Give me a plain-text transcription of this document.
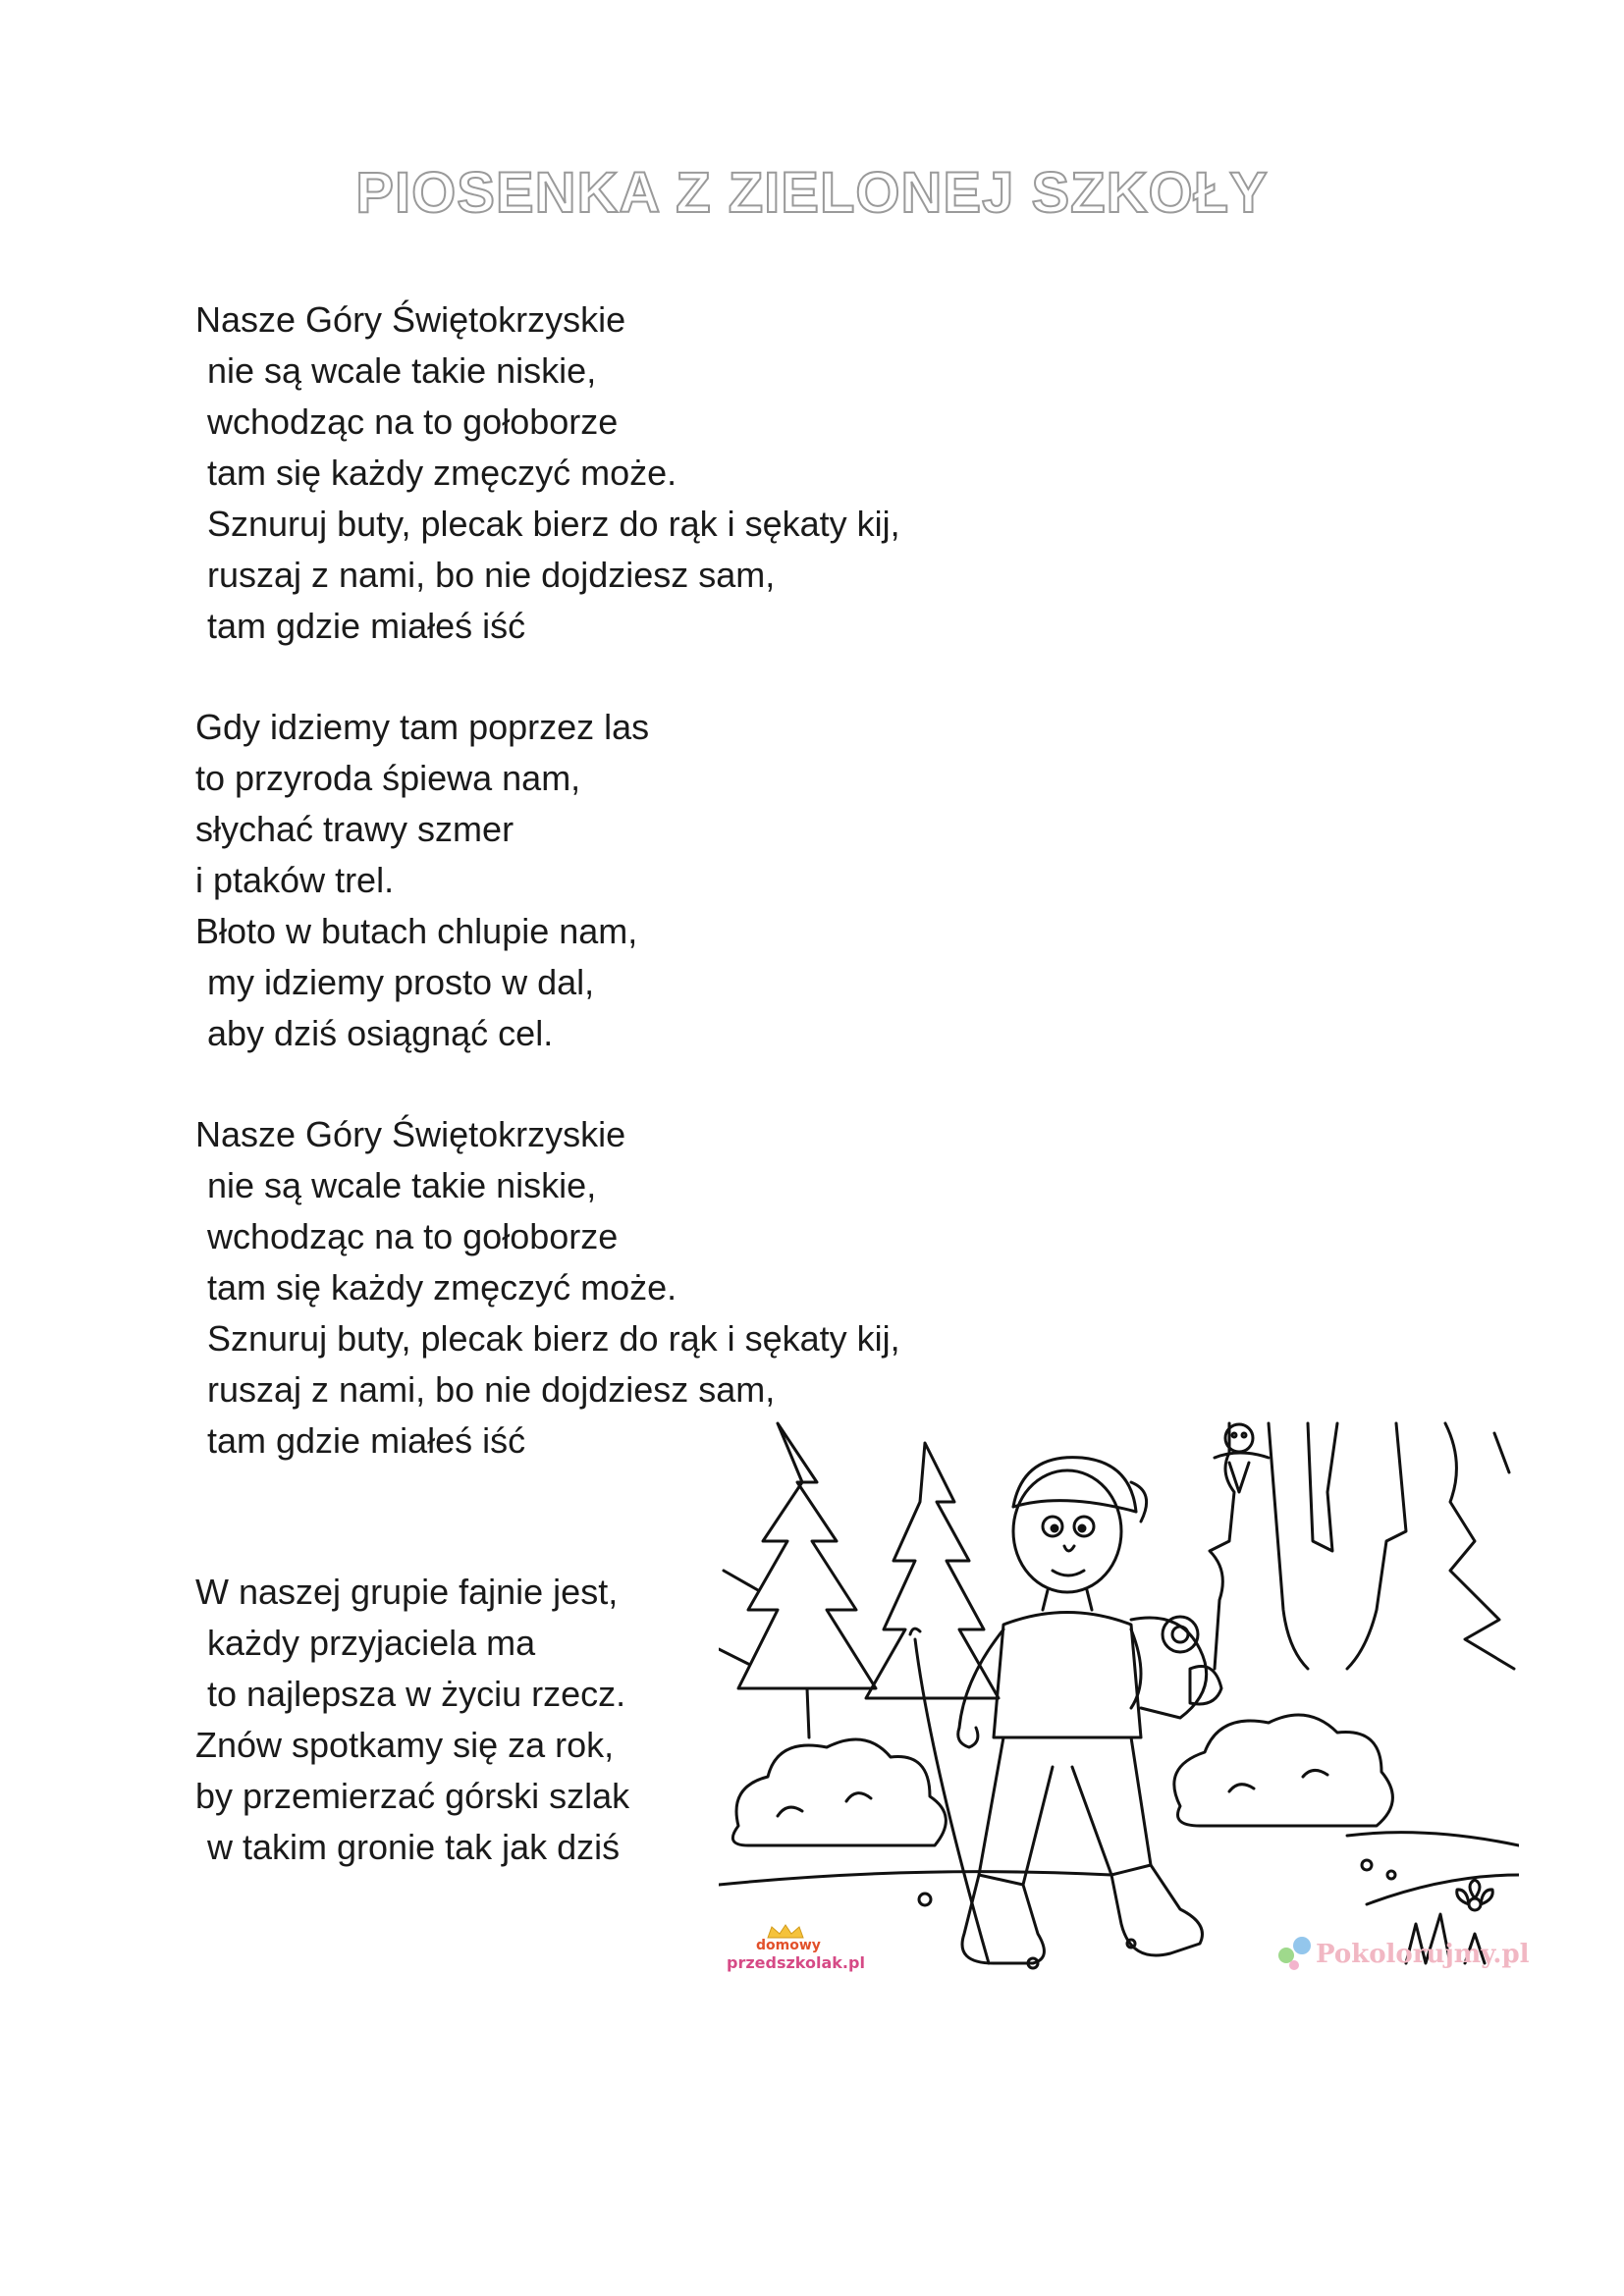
PIOSENKA Z ZIELONEJ SZKOŁY
Nasze Góry Świętokrzyskie
nie są wcale takie niskie,
wchodząc na to gołoborze
tam się każdy zmęczyć może.
Sznuruj buty, plecak bierz do rąk i sękaty kij,
ruszaj z nami, bo nie dojdziesz sam,
tam gdzie miałeś iść
Gdy idziemy tam poprzez las
to przyroda śpiewa nam,
słychać trawy szmer
i ptaków trel.
Błoto w butach chlupie nam,
my idziemy prosto w dal,
aby dziś osiągnąć cel.
Nasze Góry Świętokrzyskie
nie są wcale takie niskie,
wchodząc na to gołoborze
tam się każdy zmęczyć może.
Sznuruj buty, plecak bierz do rąk i sękaty kij,
ruszaj z nami, bo nie dojdziesz sam,
tam gdzie miałeś iść
W naszej grupie fajnie jest,
każdy przyjaciela ma
to najlepsza w życiu rzecz.
Znów spotkamy się za rok,
by przemierzać górski szlak
w takim gronie tak jak dziś
domowy
przedszkolak.pl	Pokolorujmy.pl
